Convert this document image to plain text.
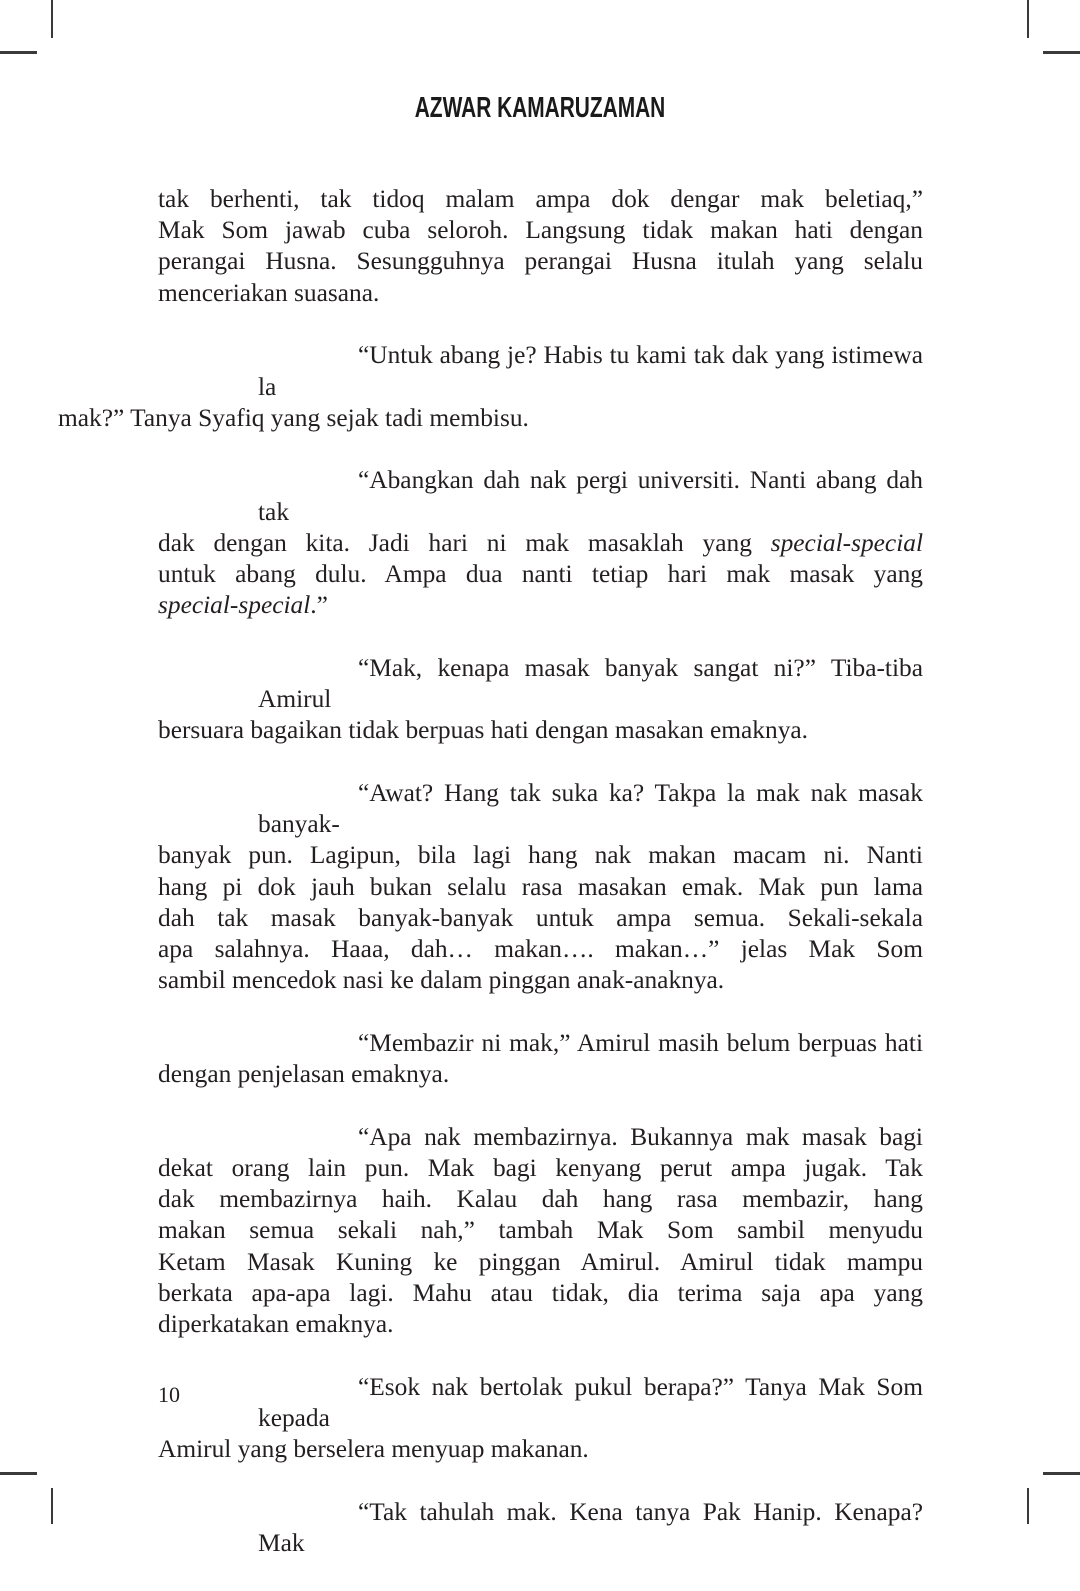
AZWAR KAMARUZAMAN

tak berhenti, tak tidoq malam ampa dok dengar mak beletiaq,”
Mak Som jawab cuba seloroh. Langsung tidak makan hati dengan
perangai Husna. Sesungguhnya perangai Husna itulah yang selalu
menceriakan suasana.

“Untuk abang je? Habis tu kami tak dak yang istimewa la
mak?” Tanya Syafiq yang sejak tadi membisu.

“Abangkan dah nak pergi universiti. Nanti abang dah tak
dak dengan kita. Jadi hari ni mak masaklah yang special-special
untuk abang dulu. Ampa dua nanti tetiap hari mak masak yang
special-special.”

“Mak, kenapa masak banyak sangat ni?” Tiba-tiba Amirul
bersuara bagaikan tidak berpuas hati dengan masakan emaknya.

“Awat? Hang tak suka ka? Takpa la mak nak masak banyak-
banyak pun. Lagipun, bila lagi hang nak makan macam ni. Nanti
hang pi dok jauh bukan selalu rasa masakan emak. Mak pun lama
dah tak masak banyak-banyak untuk ampa semua. Sekali-sekala
apa salahnya. Haaa, dah… makan…. makan…” jelas Mak Som
sambil mencedok nasi ke dalam pinggan anak-anaknya.

“Membazir ni mak,” Amirul masih belum berpuas hati
dengan penjelasan emaknya.

“Apa nak membazirnya. Bukannya mak masak bagi
dekat orang lain pun. Mak bagi kenyang perut ampa jugak. Tak
dak membazirnya haih. Kalau dah hang rasa membazir, hang
makan semua sekali nah,” tambah Mak Som sambil menyudu
Ketam Masak Kuning ke pinggan Amirul. Amirul tidak mampu
berkata apa-apa lagi. Mahu atau tidak, dia terima saja apa yang
diperkatakan emaknya.

“Esok nak bertolak pukul berapa?” Tanya Mak Som kepada
Amirul yang berselera menyuap makanan.

“Tak tahulah mak. Kena tanya Pak Hanip. Kenapa? Mak

10
